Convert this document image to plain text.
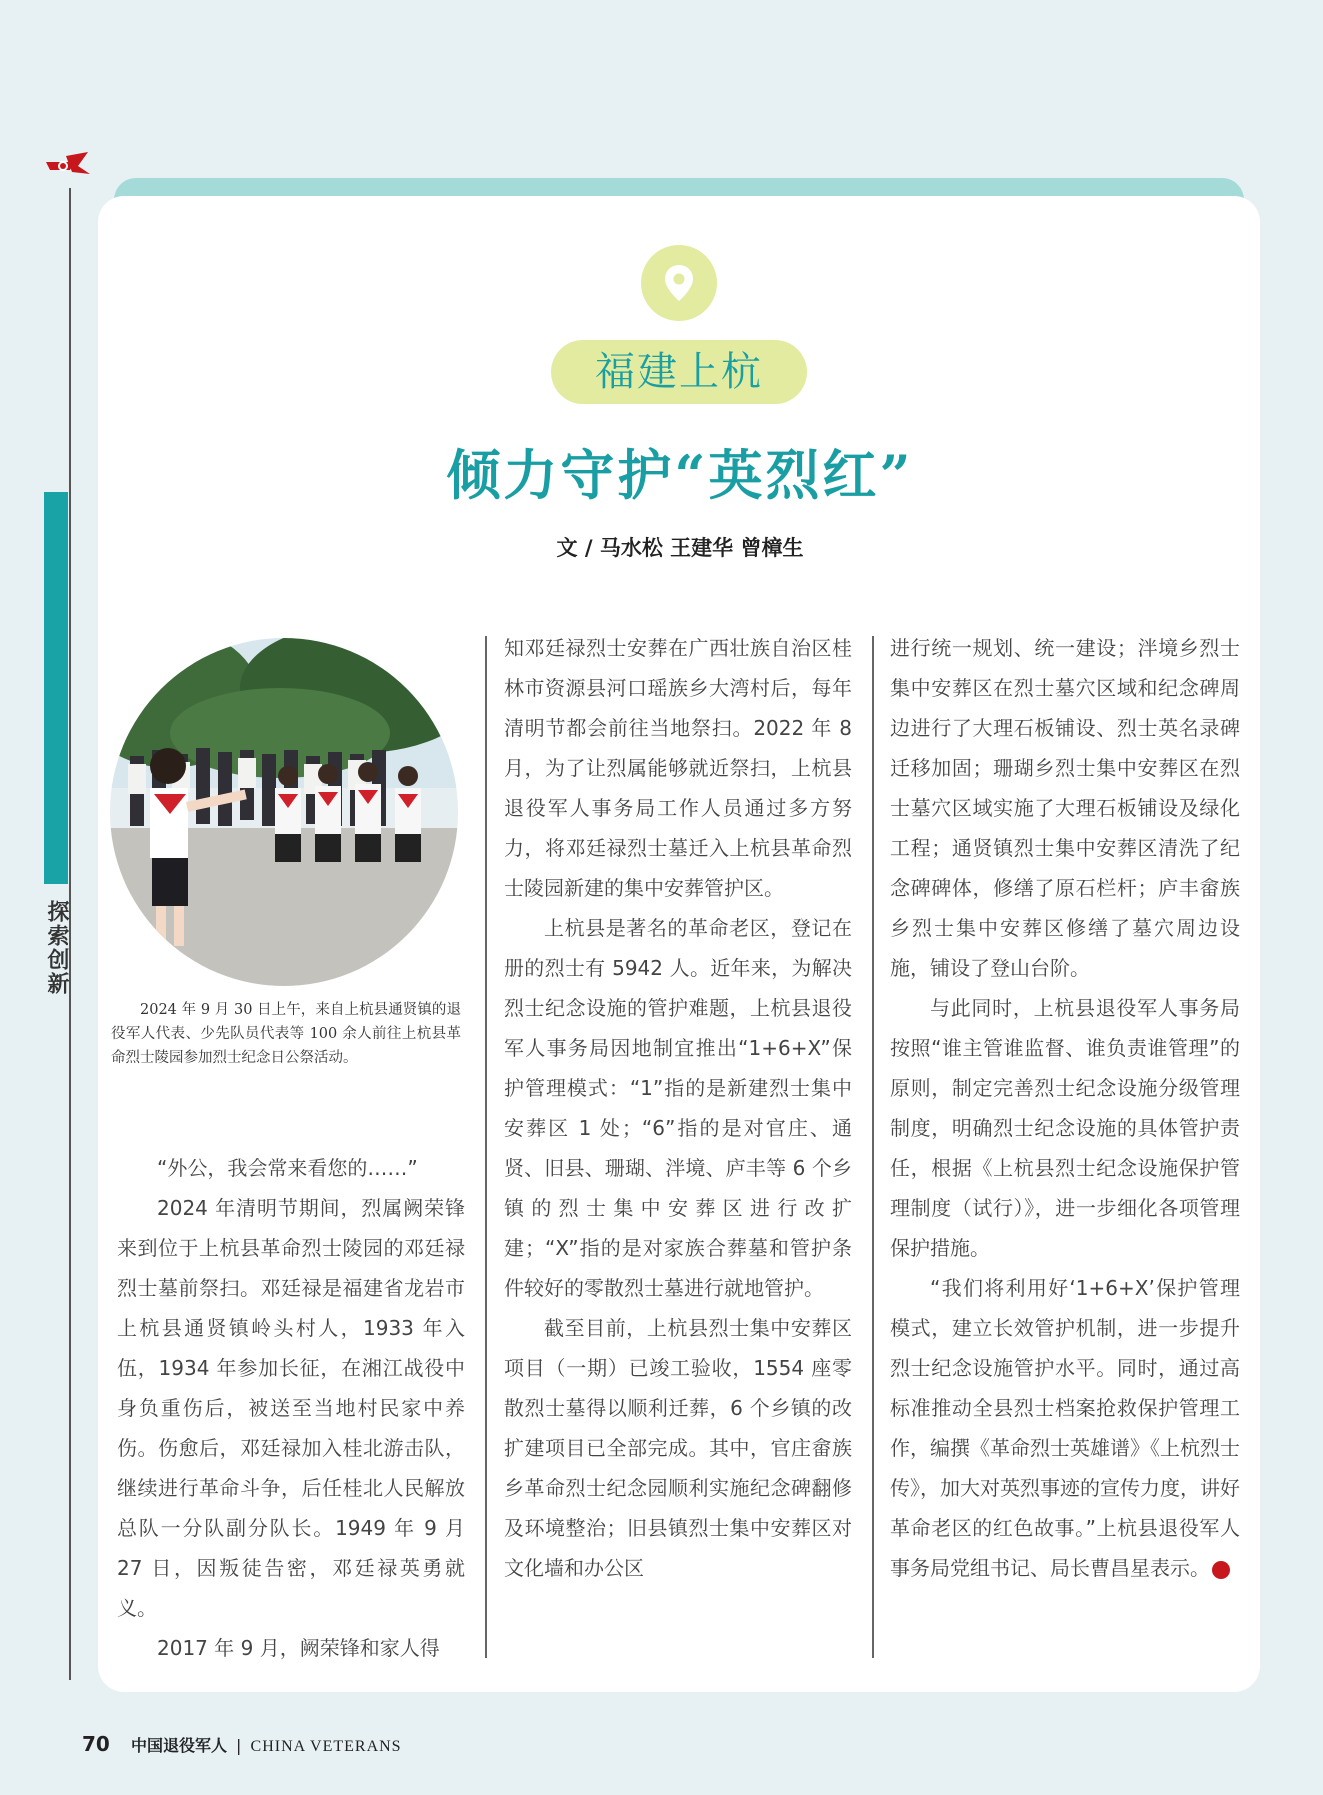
探索创新
福建上杭
倾力守护“英烈红”
文 / 马水松 王建华 曾樟生
2024 年 9 月 30 日上午，来自上杭县通贤镇的退役军人代表、少先队员代表等 100 余人前往上杭县革命烈士陵园参加烈士纪念日公祭活动。

“外公，我会常来看您的……”

2024 年清明节期间，烈属阙荣锋来到位于上杭县革命烈士陵园的邓廷禄烈士墓前祭扫。邓廷禄是福建省龙岩市上杭县通贤镇岭头村人，1933 年入伍，1934 年参加长征，在湘江战役中身负重伤后，被送至当地村民家中养伤。伤愈后，邓廷禄加入桂北游击队，继续进行革命斗争，后任桂北人民解放总队一分队副分队长。1949 年 9 月 27 日，因叛徒告密，邓廷禄英勇就义。

2017 年 9 月，阙荣锋和家人得

知邓廷禄烈士安葬在广西壮族自治区桂林市资源县河口瑶族乡大湾村后，每年清明节都会前往当地祭扫。2022 年 8 月，为了让烈属能够就近祭扫，上杭县退役军人事务局工作人员通过多方努力，将邓廷禄烈士墓迁入上杭县革命烈士陵园新建的集中安葬管护区。

上杭县是著名的革命老区，登记在册的烈士有 5942 人。近年来，为解决烈士纪念设施的管护难题，上杭县退役军人事务局因地制宜推出“1+6+X”保护管理模式：“1”指的是新建烈士集中安葬区 1 处；“6”指的是对官庄、通贤、旧县、珊瑚、泮境、庐丰等 6 个乡镇的烈士集中安葬区进行改扩建；“X”指的是对家族合葬墓和管护条件较好的零散烈士墓进行就地管护。

截至目前，上杭县烈士集中安葬区项目（一期）已竣工验收，1554 座零散烈士墓得以顺利迁葬，6 个乡镇的改扩建项目已全部完成。其中，官庄畲族乡革命烈士纪念园顺利实施纪念碑翻修及环境整治；旧县镇烈士集中安葬区对文化墙和办公区

进行统一规划、统一建设；泮境乡烈士集中安葬区在烈士墓穴区域和纪念碑周边进行了大理石板铺设、烈士英名录碑迁移加固；珊瑚乡烈士集中安葬区在烈士墓穴区域实施了大理石板铺设及绿化工程；通贤镇烈士集中安葬区清洗了纪念碑碑体，修缮了原石栏杆；庐丰畲族乡烈士集中安葬区修缮了墓穴周边设施，铺设了登山台阶。

与此同时，上杭县退役军人事务局按照“谁主管谁监督、谁负责谁管理”的原则，制定完善烈士纪念设施分级管理制度，明确烈士纪念设施的具体管护责任，根据《上杭县烈士纪念设施保护管理制度（试行）》，进一步细化各项管理保护措施。

“我们将利用好‘1+6+X’保护管理模式，建立长效管护机制，进一步提升烈士纪念设施管护水平。同时，通过高标准推动全县烈士档案抢救保护管理工作，编撰《革命烈士英雄谱》《上杭烈士传》，加大对英烈事迹的宣传力度，讲好革命老区的红色故事。”上杭县退役军人事务局党组书记、局长曹昌星表示。	V

70 中国退役军人 | CHINA VETERANS
